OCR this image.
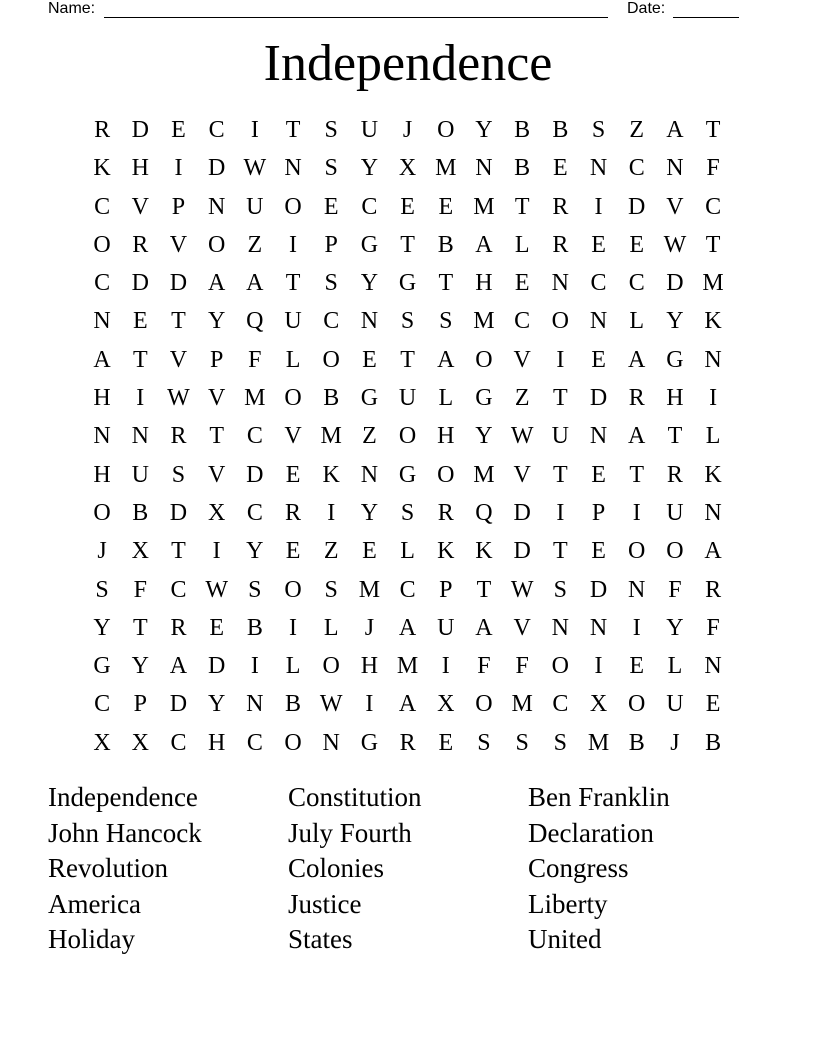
Name:	Date:
Independence
R D E C	I	T	S U	J	O Y B B S	Z A T
K H	I	D W N S Y X M N B E N C N F
C V P N U O E C E E M T R	I	D V C
O R V O Z	I	P G T B A L R E E W T
C D D A A T	S Y G T H E N C C D M
N E T Y Q U C N S	S M C O N L Y K
A T V P	F	L O E T A O V	I	E A G N
H	I W V M O B G U L G Z T D R H	I
N N R T C V M Z O H Y W U N A T L
H U S V D E K N G O M V T E T R K
O B D X C R	I	Y S R Q D	I	P	I	U N
J	X T	I	Y E Z E L K K D T E O O A
S	F C W S O S M C P	T W S D N F R
Y T R E B	I	L	J	A U A V N N	I	Y F
G Y A D	I	L O H M I	F	F O	I	E L N
C P D Y N B W I	A X O M C X O U E
X X C H C O N G R E	S	S	S M B	J	B
Independence	Constitution	Ben Franklin
John Hancock	July Fourth	Declaration
Revolution	Colonies	Congress
America	Justice	Liberty
Holiday	States	United
